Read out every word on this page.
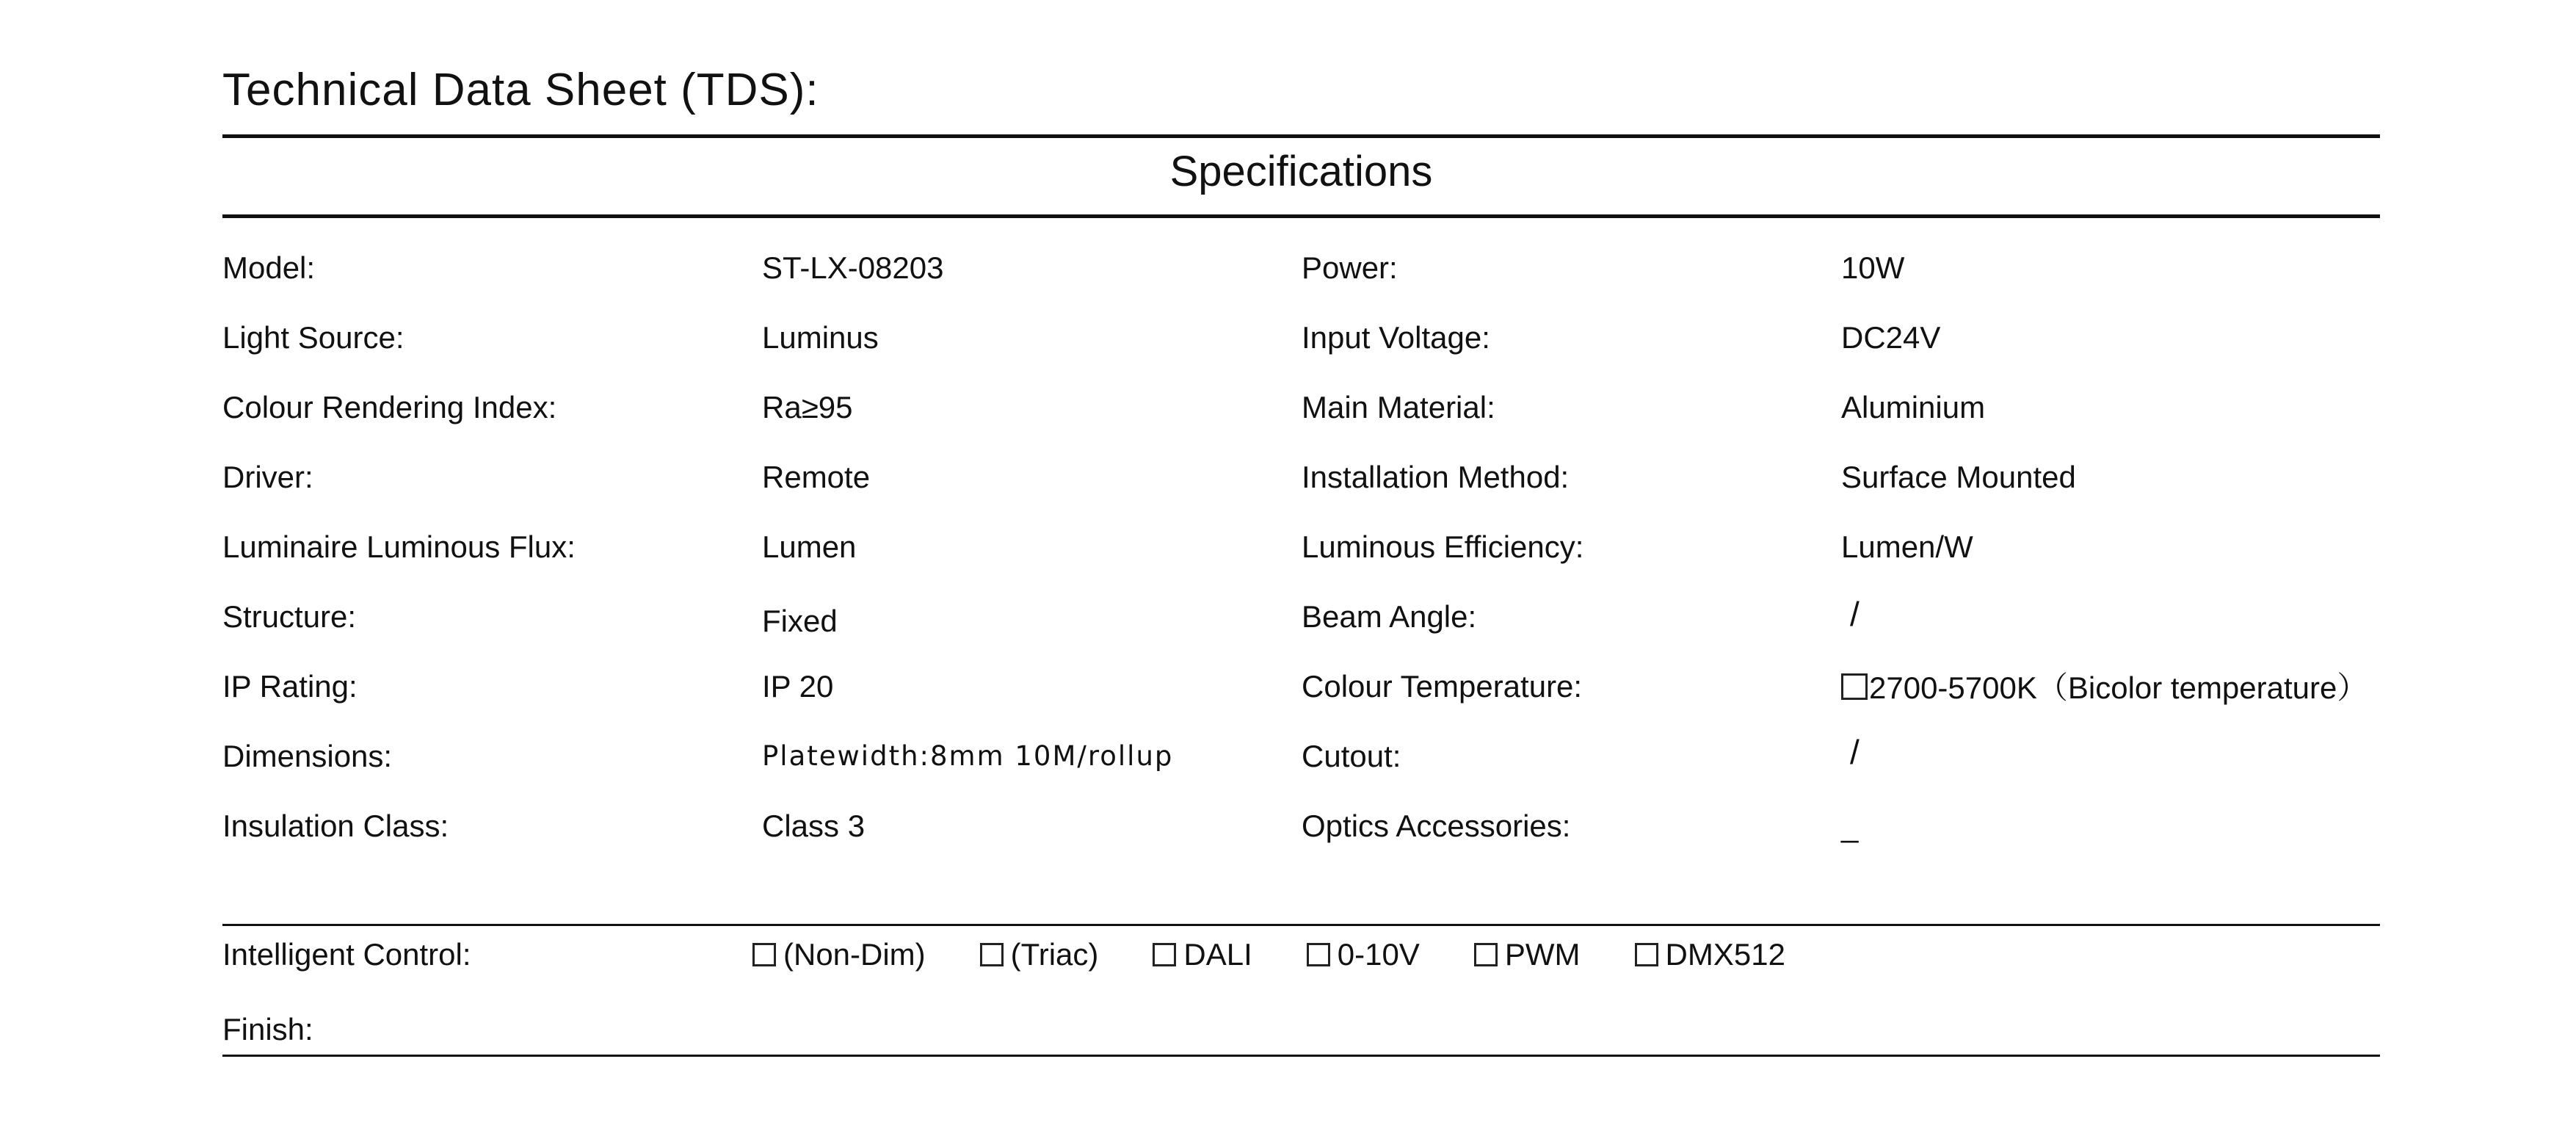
Technical Data Sheet (TDS):
Specifications
Model:	ST-LX-08203	Power:	10W
Light Source:	Luminus	Input Voltage:	DC24V
Colour Rendering Index:	Ra≥95	Main Material:	Aluminium
Driver:	Remote	Installation Method:	Surface Mounted
Luminaire Luminous Flux:	Lumen	Luminous Efficiency:	Lumen/W
Structure:	Fixed	Beam Angle:	/
IP Rating:	IP 20	Colour Temperature:	2700-5700K（Bicolor temperature）
Dimensions:	Platewidth:8mm 10M/rollup	Cutout:	/
Insulation Class:	Class 3	Optics Accessories:	_
Intelligent Control:	(Non-Dim)	(Triac)	DALI	0-10V	PWM	DMX512
Finish:
